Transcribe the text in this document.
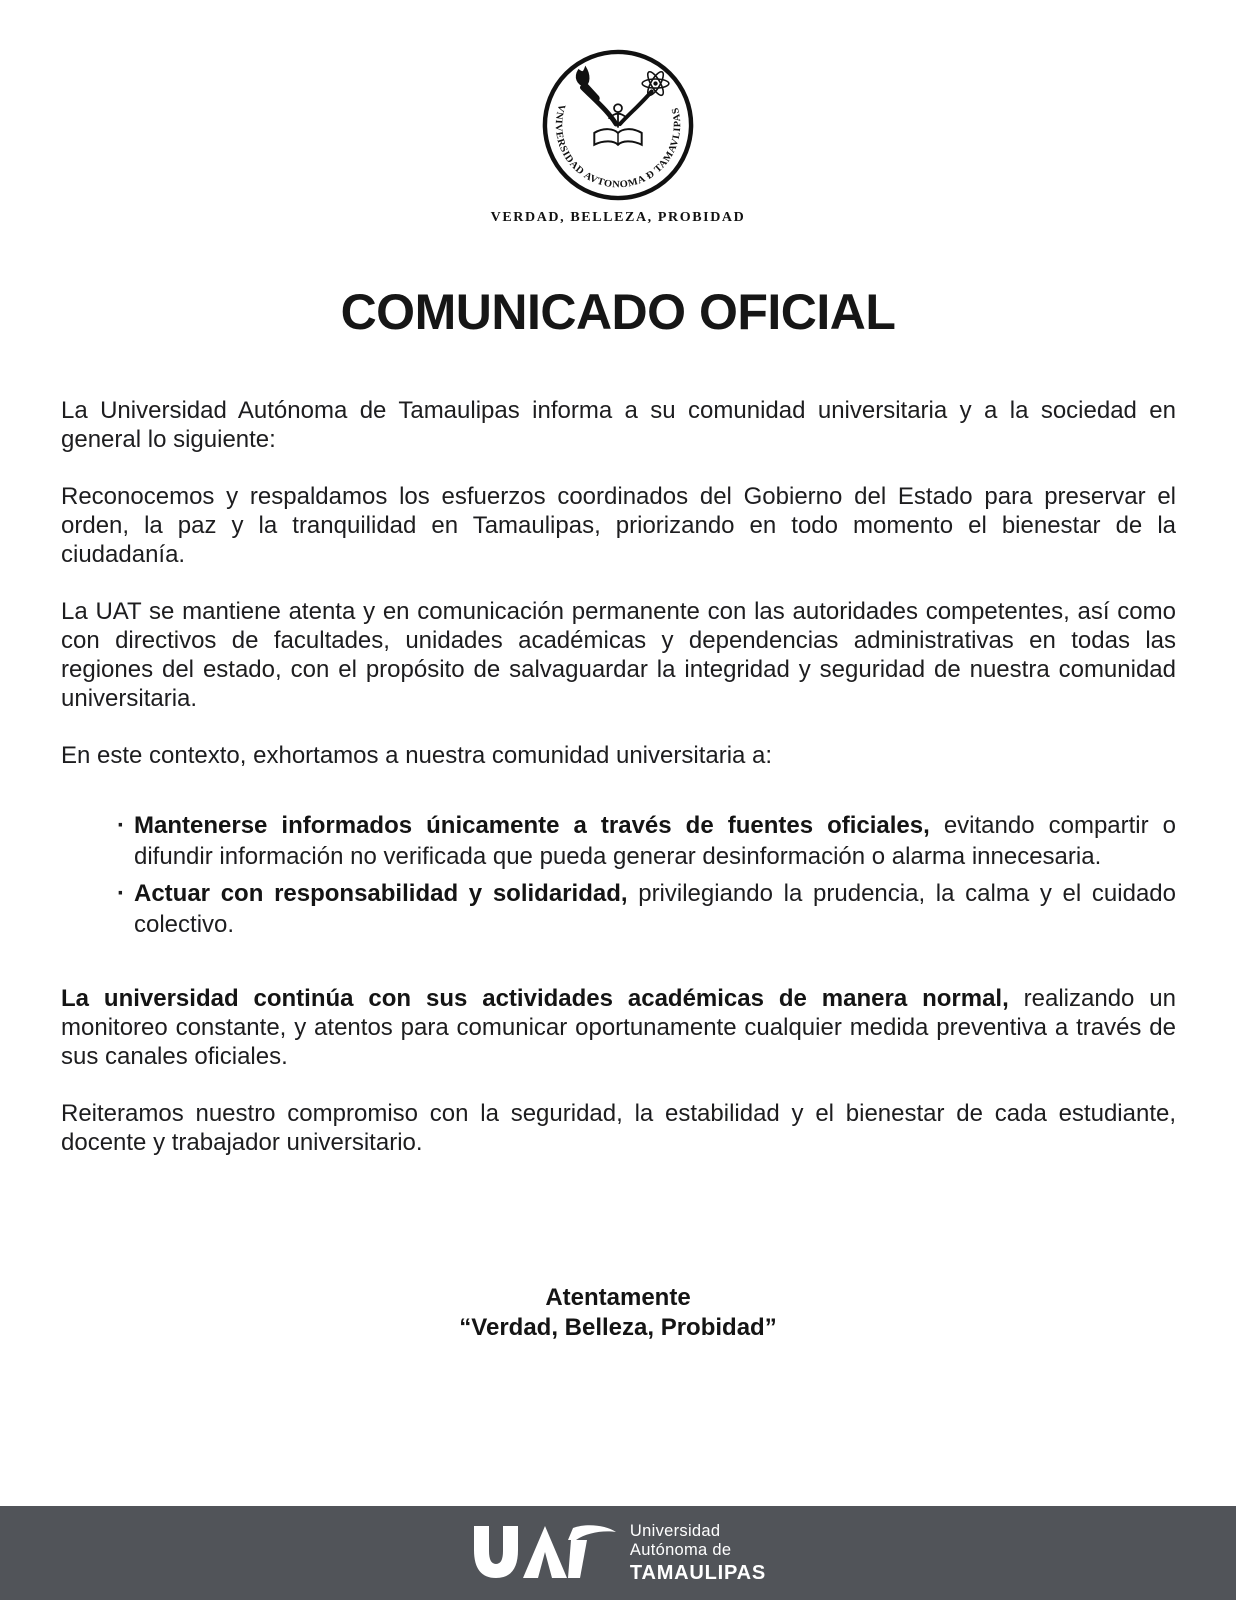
VNIVERSIDAD AVTONOMA Ð TAMAVLIPAS
VERDAD, BELLEZA, PROBIDAD
COMUNICADO OFICIAL

La Universidad Autónoma de Tamaulipas informa a su comunidad universitaria y a la sociedad en general lo siguiente:

Reconocemos y respaldamos los esfuerzos coordinados del Gobierno del Estado para preservar el orden, la paz y la tranquilidad en Tamaulipas, priorizando en todo momento el bienestar de la ciudadanía.

La UAT se mantiene atenta y en comunicación permanente con las autoridades competentes, así como con directivos de facultades, unidades académicas y dependencias administrativas en todas las regiones del estado, con el propósito de salvaguardar la integridad y seguridad de nuestra comunidad universitaria.

En este contexto, exhortamos a nuestra comunidad universitaria a:

· Mantenerse informados únicamente a través de fuentes oficiales, evitando compartir o difundir información no verificada que pueda generar desinformación o alarma innecesaria.
· Actuar con responsabilidad y solidaridad, privilegiando la prudencia, la calma y el cuidado colectivo.

La universidad continúa con sus actividades académicas de manera normal, realizando un monitoreo constante, y atentos para comunicar oportunamente cualquier medida preventiva a través de sus canales oficiales.

Reiteramos nuestro compromiso con la seguridad, la estabilidad y el bienestar de cada estudiante, docente y trabajador universitario.

Atentamente
“Verdad, Belleza, Probidad”
Universidad
Autónoma de
TAMAULIPAS
